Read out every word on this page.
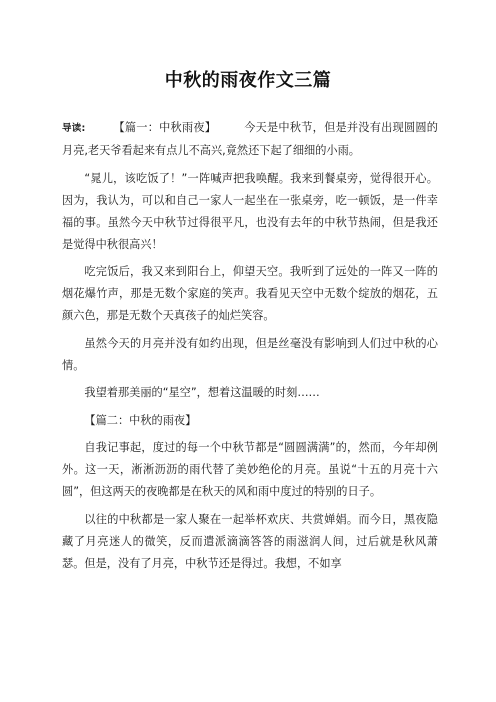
中秋的雨夜作文三篇

导读:	【篇一：中秋雨夜】	今天是中秋节，但是并没有出现圆圆的月亮,老天爷看起来有点儿不高兴,竟然还下起了细细的小雨。

“晁儿，该吃饭了！”一阵喊声把我唤醒。我来到餐桌旁，觉得很开心。因为，我认为，可以和自己一家人一起坐在一张桌旁，吃一顿饭，是一件幸福的事。虽然今天中秋节过得很平凡，也没有去年的中秋节热闹，但是我还是觉得中秋很高兴！

吃完饭后，我又来到阳台上，仰望天空。我听到了远处的一阵又一阵的烟花爆竹声，那是无数个家庭的笑声。我看见天空中无数个绽放的烟花，五颜六色，那是无数个天真孩子的灿烂笑容。

虽然今天的月亮并没有如约出现，但是丝毫没有影响到人们过中秋的心情。

我望着那美丽的“星空”，想着这温暖的时刻……

【篇二：中秋的雨夜】

自我记事起，度过的每一个中秋节都是“圆圆满满”的，然而，今年却例外。这一天，淅淅沥沥的雨代替了美妙绝伦的月亮。虽说“十五的月亮十六圆”，但这两天的夜晚都是在秋天的风和雨中度过的特别的日子。

以往的中秋都是一家人聚在一起举杯欢庆、共赏婵娟。而今日，黑夜隐藏了月亮迷人的微笑，反而遣派滴滴答答的雨滋润人间，过后就是秋风萧瑟。但是，没有了月亮，中秋节还是得过。我想，不如享
